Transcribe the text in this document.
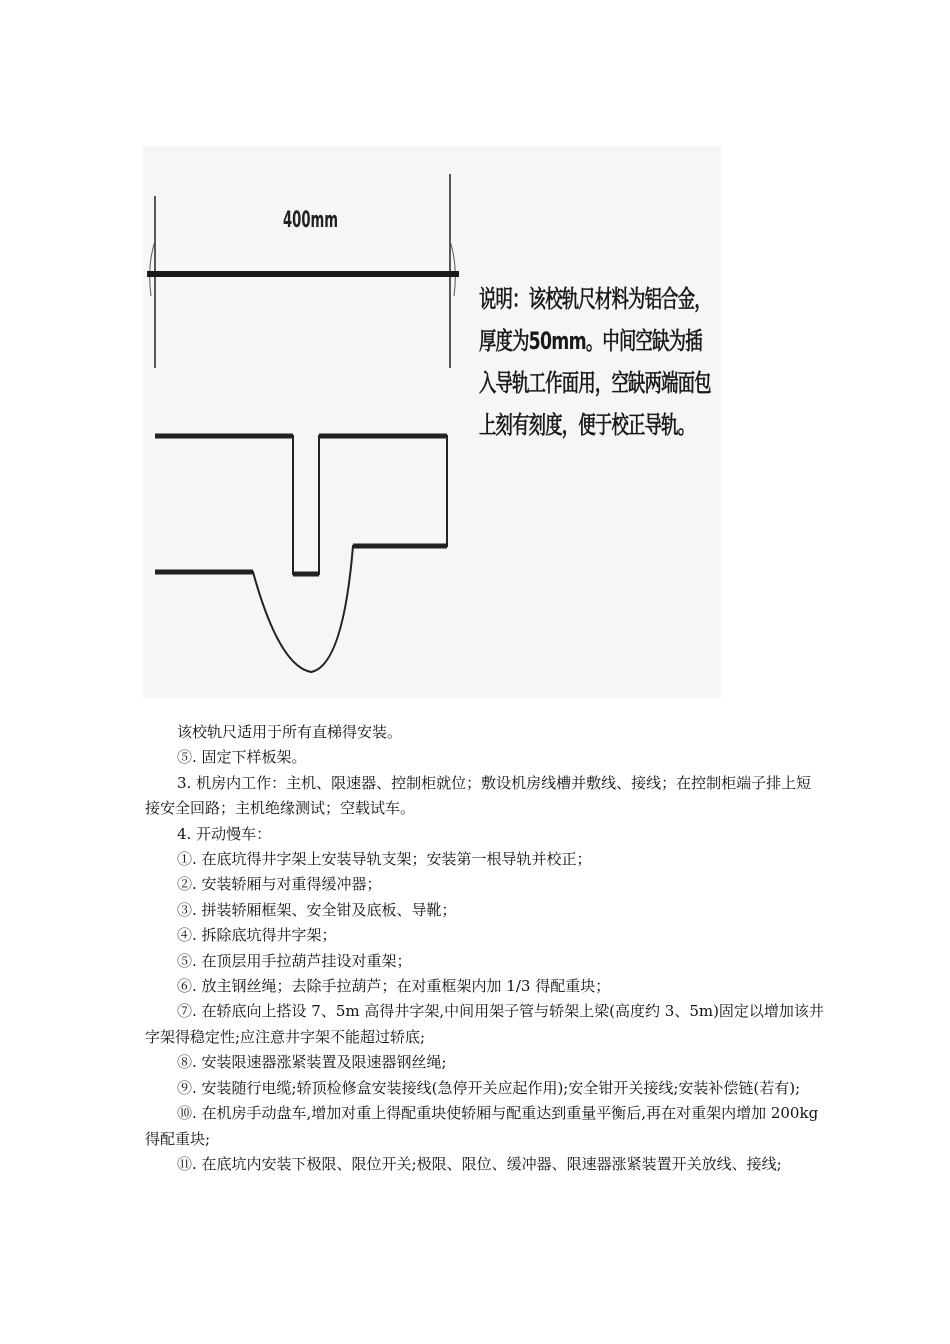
400mm
说明：该校轨尺材料为铝合金，厚度为50mm。中间空缺为插入导轨工作面用，空缺两端面包上刻有刻度，便于校正导轨。

该校轨尺适用于所有直梯得安装。

⑤. 固定下样板架。

3. 机房内工作：主机、限速器、控制柜就位；敷设机房线槽并敷线、接线；在控制柜端子排上短接安全回路；主机绝缘测试；空载试车。

4. 开动慢车：

①. 在底坑得井字架上安装导轨支架；安装第一根导轨并校正；

②. 安装轿厢与对重得缓冲器；

③. 拼装轿厢框架、安全钳及底板、导靴；

④. 拆除底坑得井字架；

⑤. 在顶层用手拉葫芦挂设对重架；

⑥. 放主钢丝绳；去除手拉葫芦；在对重框架内加 1/3 得配重块；

⑦. 在轿底向上搭设 7、5m 高得井字架,中间用架子管与轿架上梁(高度约 3、5m)固定以增加该井字架得稳定性;应注意井字架不能超过轿底;

⑧. 安装限速器涨紧装置及限速器钢丝绳;

⑨. 安装随行电缆;轿顶检修盒安装接线(急停开关应起作用);安全钳开关接线;安装补偿链(若有);

⑩. 在机房手动盘车,增加对重上得配重块使轿厢与配重达到重量平衡后,再在对重架内增加 200kg 得配重块;

⑪. 在底坑内安装下极限、限位开关;极限、限位、缓冲器、限速器涨紧装置开关放线、接线;
